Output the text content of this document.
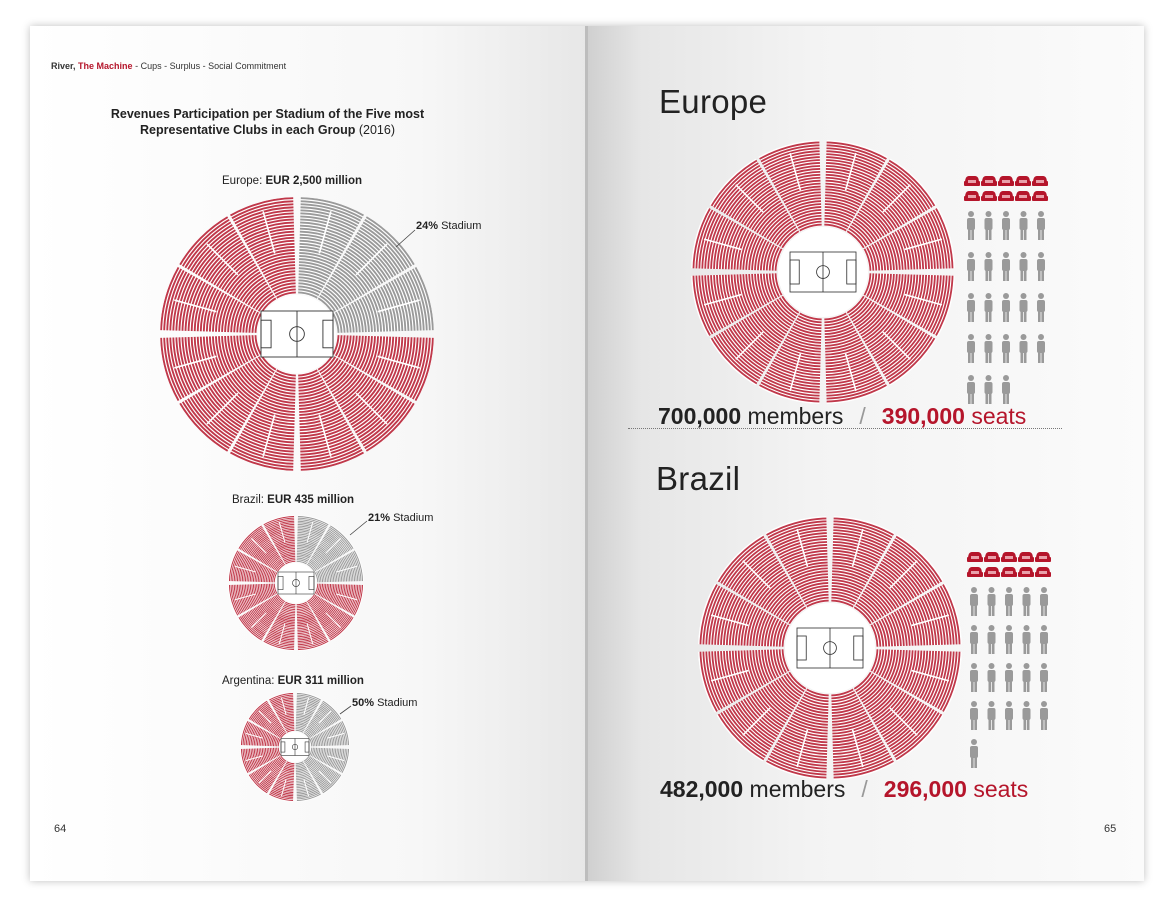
River, The Machine - Cups - Surplus - Social Commitment
Revenues Participation per Stadium of the Five most Representative Clubs in each Group (2016)
Europe: EUR 2,500 million
24% Stadium
Brazil: EUR 435 million
21% Stadium
Argentina: EUR 311 million
50% Stadium
Europe
700,000 members / 390,000 seats
Brazil
482,000 members / 296,000 seats
64	65
